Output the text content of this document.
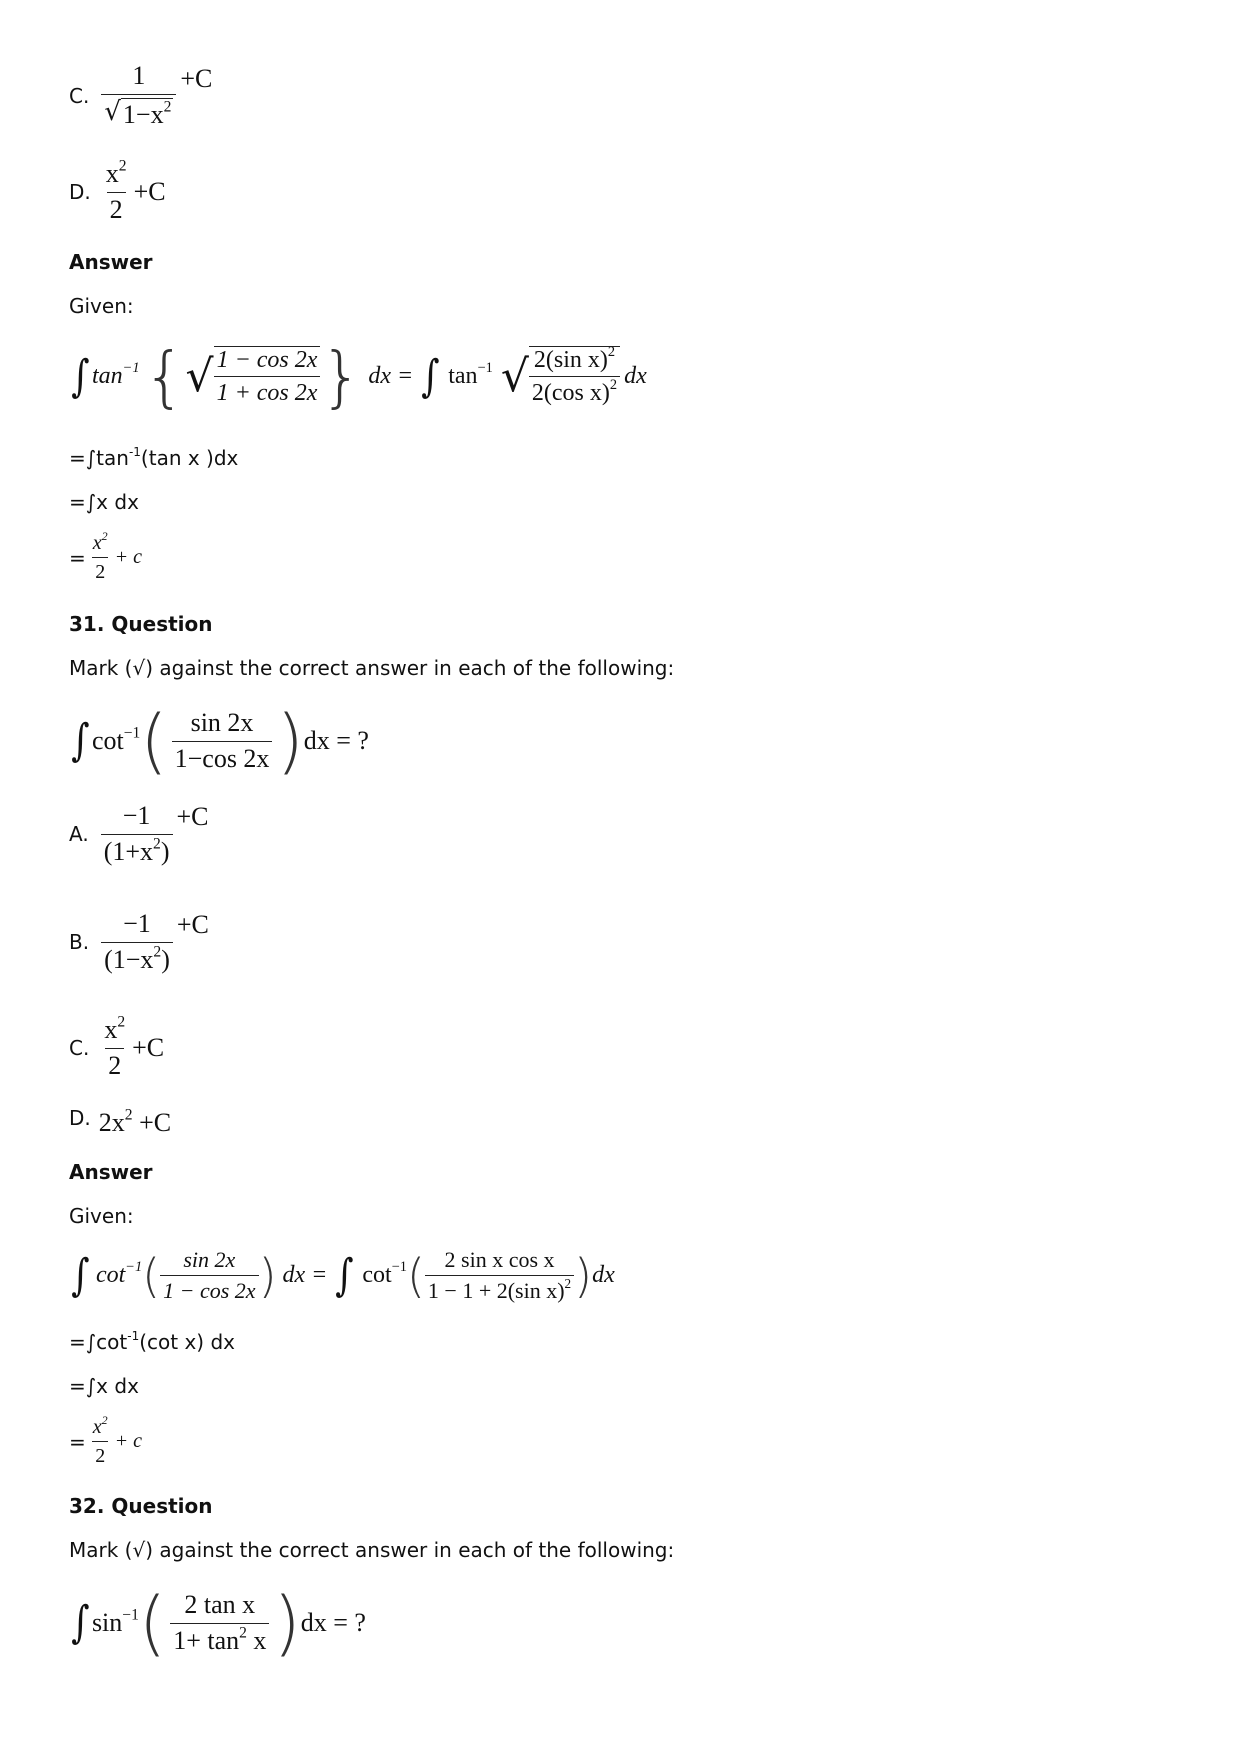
C. $\frac{1}{√ 1-x^2} +C$
D. $\frac{x^2}{2} +C$
Answer
Given:
∫ $\tan^{-1}$ { √ $\frac{1 - \cos 2x}{1 + \cos 2x}$ } dx = ∫ $\tan^{-1}$ √ $\frac{2(\sin x)^2}{2(\cos x)^2}$ dx
$=\int\tan^{-1}(\tan$ x )dx
=∫x dx
= $\frac{x^2}{2} + c$
31. Question
Mark (√) against the correct answer in each of the following:
∫ $\cot^{-1}$ ( $\frac{\sin 2x}{1-\cos 2x}$ ) dx = ?
A. $\frac{-1}{(1+x^2)} +C$
B. $\frac{-1}{(1-x^2)} +C$
C. $\frac{x^2}{2} +C$
D. $2x^2 +C$
Answer
Given:
∫ $\cot^{-1}$ ( $\frac{\sin 2x}{1 - \cos 2x}$ ) dx = ∫ $\cot^{-1}$ ( $\frac{\text{2 sin x cos x}}{1 - 1 + 2(\sin x)^2}$ ) dx
$=\int\cot^{-1}(\cot$ x) dx
=∫x dx
= $\frac{x^2}{2} + c$
32. Question
Mark (√) against the correct answer in each of the following:
∫ $\sin^{-1}$ ( $\frac{\text{2 tan x}}{1+ \tan^2 x}$ ) dx = ?
